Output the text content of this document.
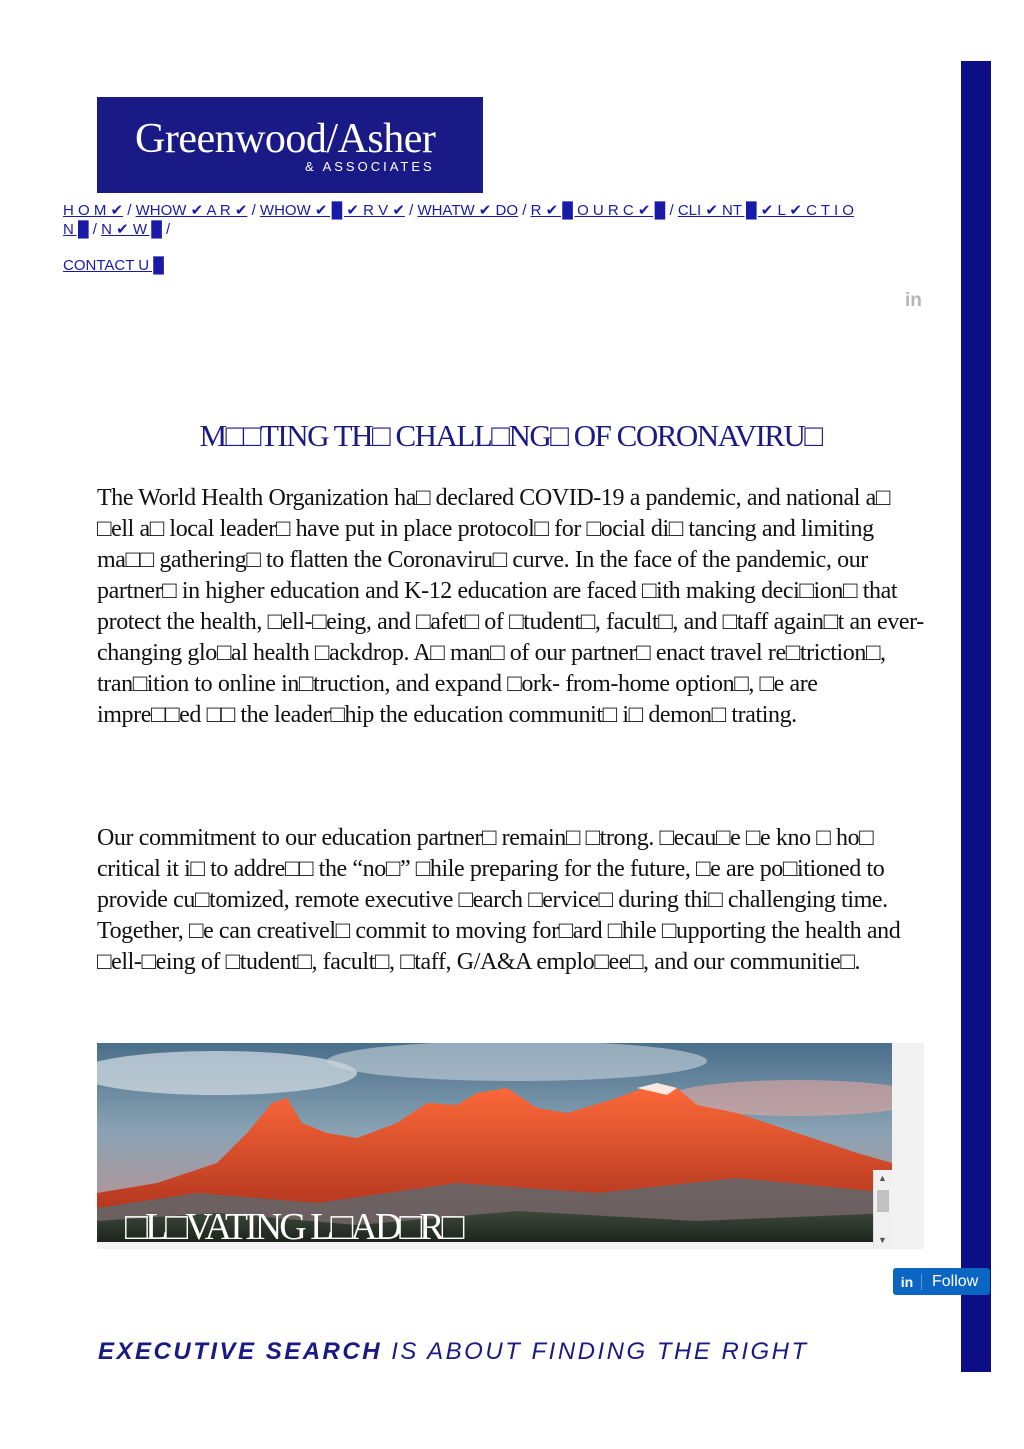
Greenwood/Asher
& ASSOCIATES
H O M ✔ / WHOW ✔ A R ✔ / WHOW ✔ █ ✔ R V ✔ / WHATW ✔ DO / R ✔ █ O U R C ✔ █ / CLI ✔ NT █ ✔ L ✔ C T I O N █ / N ✔ W █ /
CONTACT U █
in
M□□TING TH□ CHALL□NG□ OF CORONAVIRU□
The World Health Organization ha□ declared COVID-19 a pandemic, and national a□ □ell a□ local leader□ have put in place protocol□ for □ocial di□ tancing and limiting ma□□ gathering□ to flatten the Coronaviru□ curve. In the face of the pandemic, our partner□ in higher education and K-12 education are faced □ith making deci□ion□ that protect the health, □ell-□eing, and □afet□ of □tudent□, facult□, and □taff again□t an ever-changing glo□al health □ackdrop. A□ man□ of our partner□ enact travel re□triction□, tran□ition to online in□truction, and expand □ork- from-home option□, □e are impre□□ed □□ the leader□hip the education communit□ i□ demon□ trating.
Our commitment to our education partner□ remain□ □trong. □ecau□e □e kno □ ho□ critical it i□ to addre□□ the “no□” □hile preparing for the future, □e are po□itioned to provide cu□tomized, remote executive □earch □ervice□ during thi□ challenging time. Together, □e can creativel□ commit to moving for□ard □hile □upporting the health and □ell-□eing of □tudent□, facult□, □taff, G/A&A emplo□ee□, and our communitie□.
▲
▼
□L□VATING L□AD□R□
in	Follow
EXECUTIVE SEARCH IS ABOUT FINDING THE RIGHT
